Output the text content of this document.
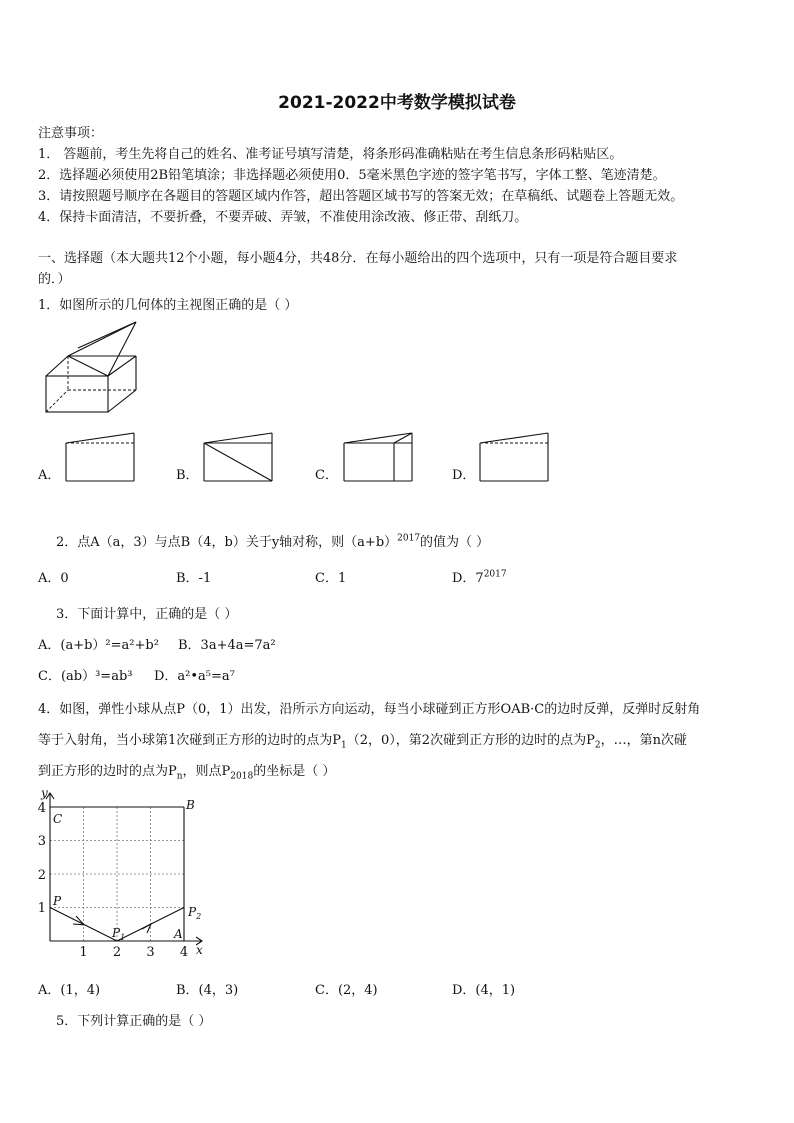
2021-2022中考数学模拟试卷
注意事项：
1． 答题前，考生先将自己的姓名、准考证号填写清楚，将条形码准确粘贴在考生信息条形码粘贴区。
2．选择题必须使用2B铅笔填涂；非选择题必须使用0．5毫米黑色字迹的签字笔书写，字体工整、笔迹清楚。
3．请按照题号顺序在各题目的答题区域内作答，超出答题区域书写的答案无效；在草稿纸、试题卷上答题无效。
4．保持卡面清洁，不要折叠，不要弄破、弄皱，不准使用涂改液、修正带、刮纸刀。
一、选择题（本大题共12个小题，每小题4分，共48分．在每小题给出的四个选项中，只有一项是符合题目要求
的．）
1．如图所示的几何体的主视图正确的是（ ）
A．	B．	C．	D．
2．点A（a，3）与点B（4，b）关于y轴对称，则$(a+b)^{2017}$的值为（ ）
A．0	B．-1	C．1	D．$7^{2017}$
3．下面计算中，正确的是（ ）
A．(a+b）²=a²+b² B．3a+4a=7a²
C．(ab）³=ab³ D．a²•a⁵=a⁷
4．如图，弹性小球从点P（0，1）出发，沿所示方向运动，每当小球碰到正方形OAB·C的边时反弹，反弹时反射角
等于入射角，当小球第1次碰到正方形的边时的点为$P_1(2$，0），第2次碰到正方形的边时的点为$P_2$，…，第n次碰
到正方形的边时的点为$P_n$，则点$P_{2018}$的坐标是（ ）
1 2 3 4
1
2
3
4
y
x
C
B
P
A
$P_1$
$P_2$
A．(1，4)	B．(4，3)	C．(2，4)	D．(4，1)
5．下列计算正确的是（ ）
